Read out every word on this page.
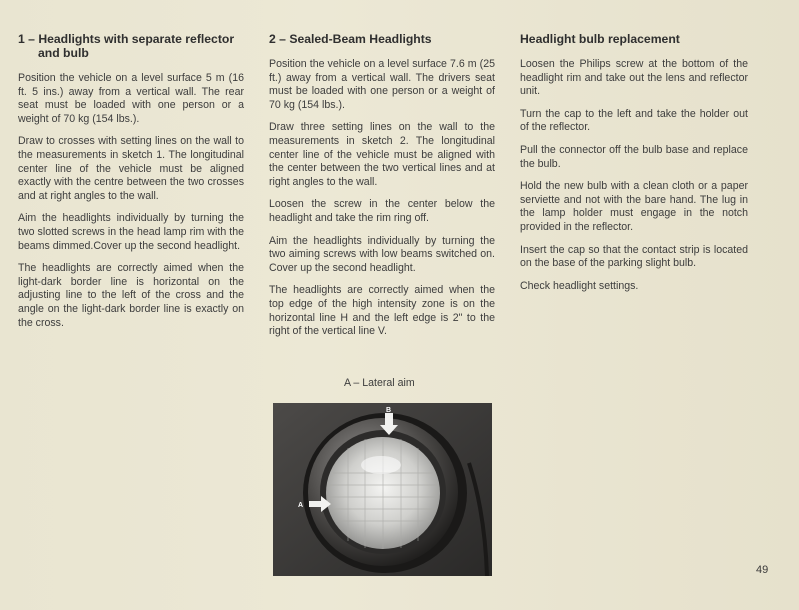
1 – Headlights with separate reflector
and bulb

Position the vehicle on a level surface 5 m (16 ft. 5 ins.) away from a vertical wall. The rear seat must be loaded with one person or a weight of 70 kg (154 lbs.).

Draw to crosses with setting lines on the wall to the measurements in sketch 1. The longitudinal center line of the vehicle must be aligned exactly with the centre between the two crosses and at right angles to the wall.

Aim the headlights individually by turning the two slotted screws in the head lamp rim with the beams dimmed.Cover up the second headlight.

The headlights are correctly aimed when the light-dark border line is horizontal on the adjusting line to the left of the cross and the angle on the light-dark border line is exactly on the cross.

2 – Sealed-Beam Headlights

Position the vehicle on a level surface 7.6 m (25 ft.) away from a vertical wall. The drivers seat must be loaded with one person or a weight of 70 kg (154 lbs.).

Draw three setting lines on the wall to the measurements in sketch 2. The longitudinal center line of the vehicle must be aligned with the center between the two vertical lines and at right angles to the wall.

Loosen the screw in the center below the headlight and take the rim ring off.

Aim the headlights individually by turning the two aiming screws with low beams switched on. Cover up the second headlight.

The headlights are correctly aimed when the top edge of the high intensity zone is on the horizontal line H and the left edge is 2" to the right of the vertical line V.

Headlight bulb replacement

Loosen the Philips screw at the bottom of the headlight rim and take out the lens and reflector unit.

Turn the cap to the left and take the holder out of the reflector.

Pull the connector off the bulb base and replace the bulb.

Hold the new bulb with a clean cloth or a paper serviette and not with the bare hand. The lug in the lamp holder must engage in the notch provided in the reflector.

Insert the cap so that the contact strip is located on the base of the parking slight bulb.

Check headlight settings.

A – Lateral aim
B
A
49
